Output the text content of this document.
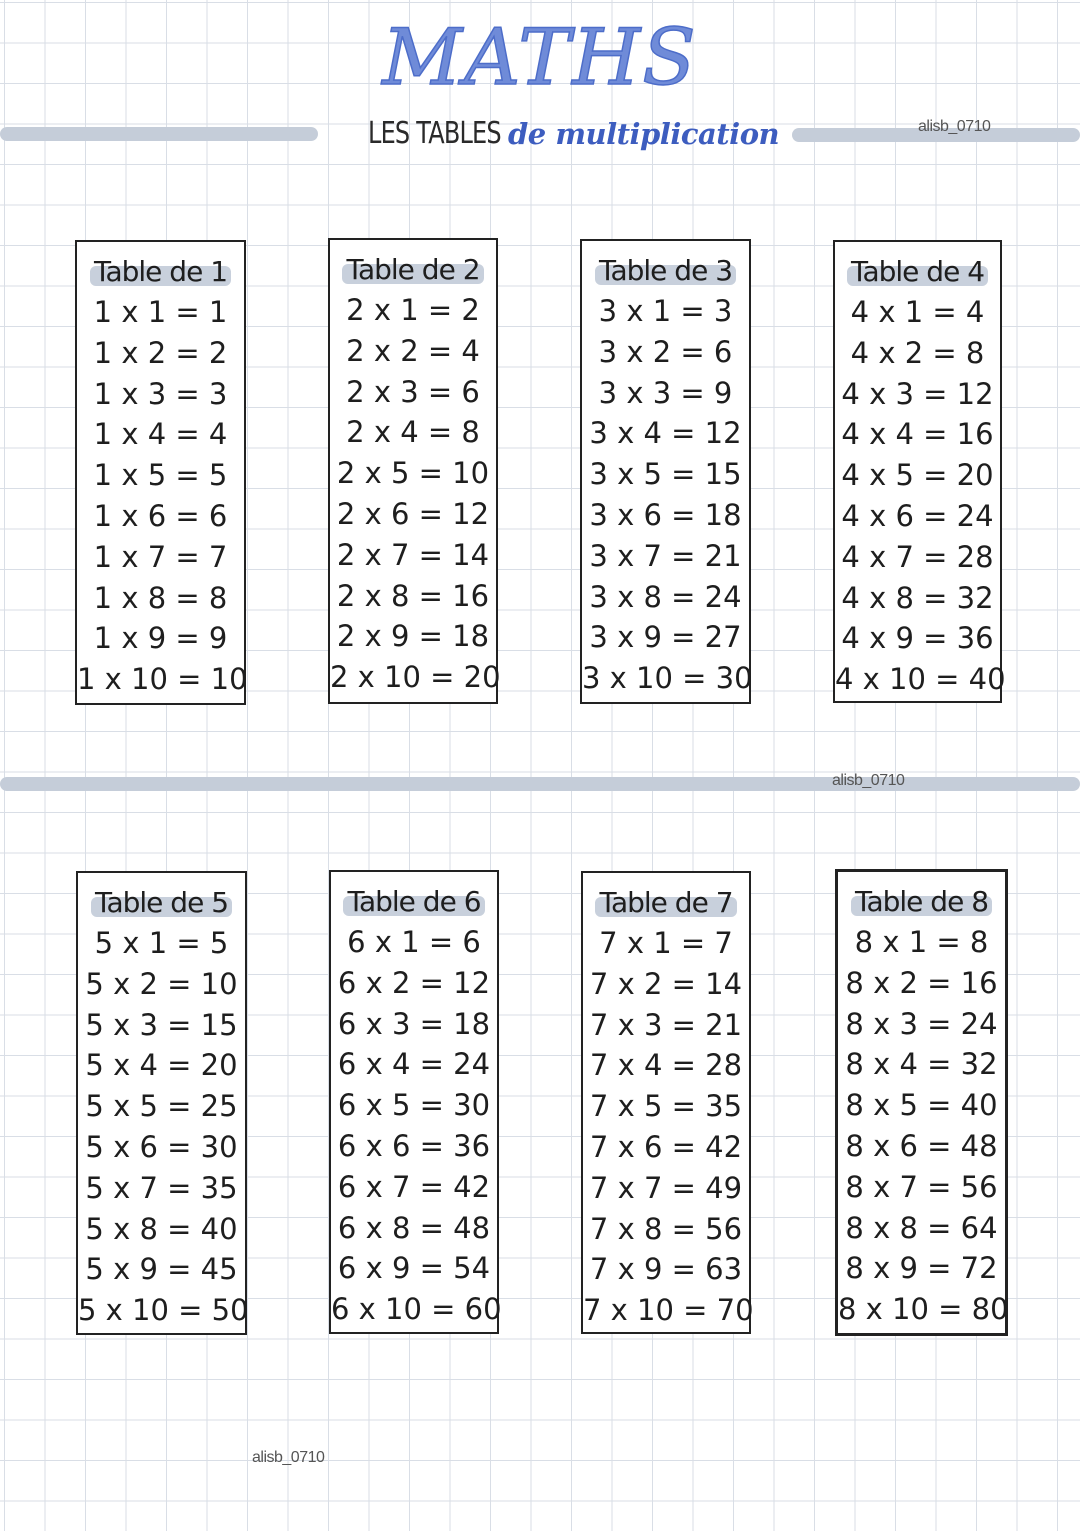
MATHS
LES TABLES de multiplication	alisb_0710
alisb_0710
alisb_0710
Table de 1
1 x 1 = 1
1 x 2 = 2
1 x 3 = 3
1 x 4 = 4
1 x 5 = 5
1 x 6 = 6
1 x 7 = 7
1 x 8 = 8
1 x 9 = 9
1 x 10 = 10
Table de 2
2 x 1 = 2
2 x 2 = 4
2 x 3 = 6
2 x 4 = 8
2 x 5 = 10
2 x 6 = 12
2 x 7 = 14
2 x 8 = 16
2 x 9 = 18
2 x 10 = 20
Table de 3
3 x 1 = 3
3 x 2 = 6
3 x 3 = 9
3 x 4 = 12
3 x 5 = 15
3 x 6 = 18
3 x 7 = 21
3 x 8 = 24
3 x 9 = 27
3 x 10 = 30
Table de 4
4 x 1 = 4
4 x 2 = 8
4 x 3 = 12
4 x 4 = 16
4 x 5 = 20
4 x 6 = 24
4 x 7 = 28
4 x 8 = 32
4 x 9 = 36
4 x 10 = 40
Table de 5
5 x 1 = 5
5 x 2 = 10
5 x 3 = 15
5 x 4 = 20
5 x 5 = 25
5 x 6 = 30
5 x 7 = 35
5 x 8 = 40
5 x 9 = 45
5 x 10 = 50
Table de 6
6 x 1 = 6
6 x 2 = 12
6 x 3 = 18
6 x 4 = 24
6 x 5 = 30
6 x 6 = 36
6 x 7 = 42
6 x 8 = 48
6 x 9 = 54
6 x 10 = 60
Table de 7
7 x 1 = 7
7 x 2 = 14
7 x 3 = 21
7 x 4 = 28
7 x 5 = 35
7 x 6 = 42
7 x 7 = 49
7 x 8 = 56
7 x 9 = 63
7 x 10 = 70
Table de 8
8 x 1 = 8
8 x 2 = 16
8 x 3 = 24
8 x 4 = 32
8 x 5 = 40
8 x 6 = 48
8 x 7 = 56
8 x 8 = 64
8 x 9 = 72
8 x 10 = 80
